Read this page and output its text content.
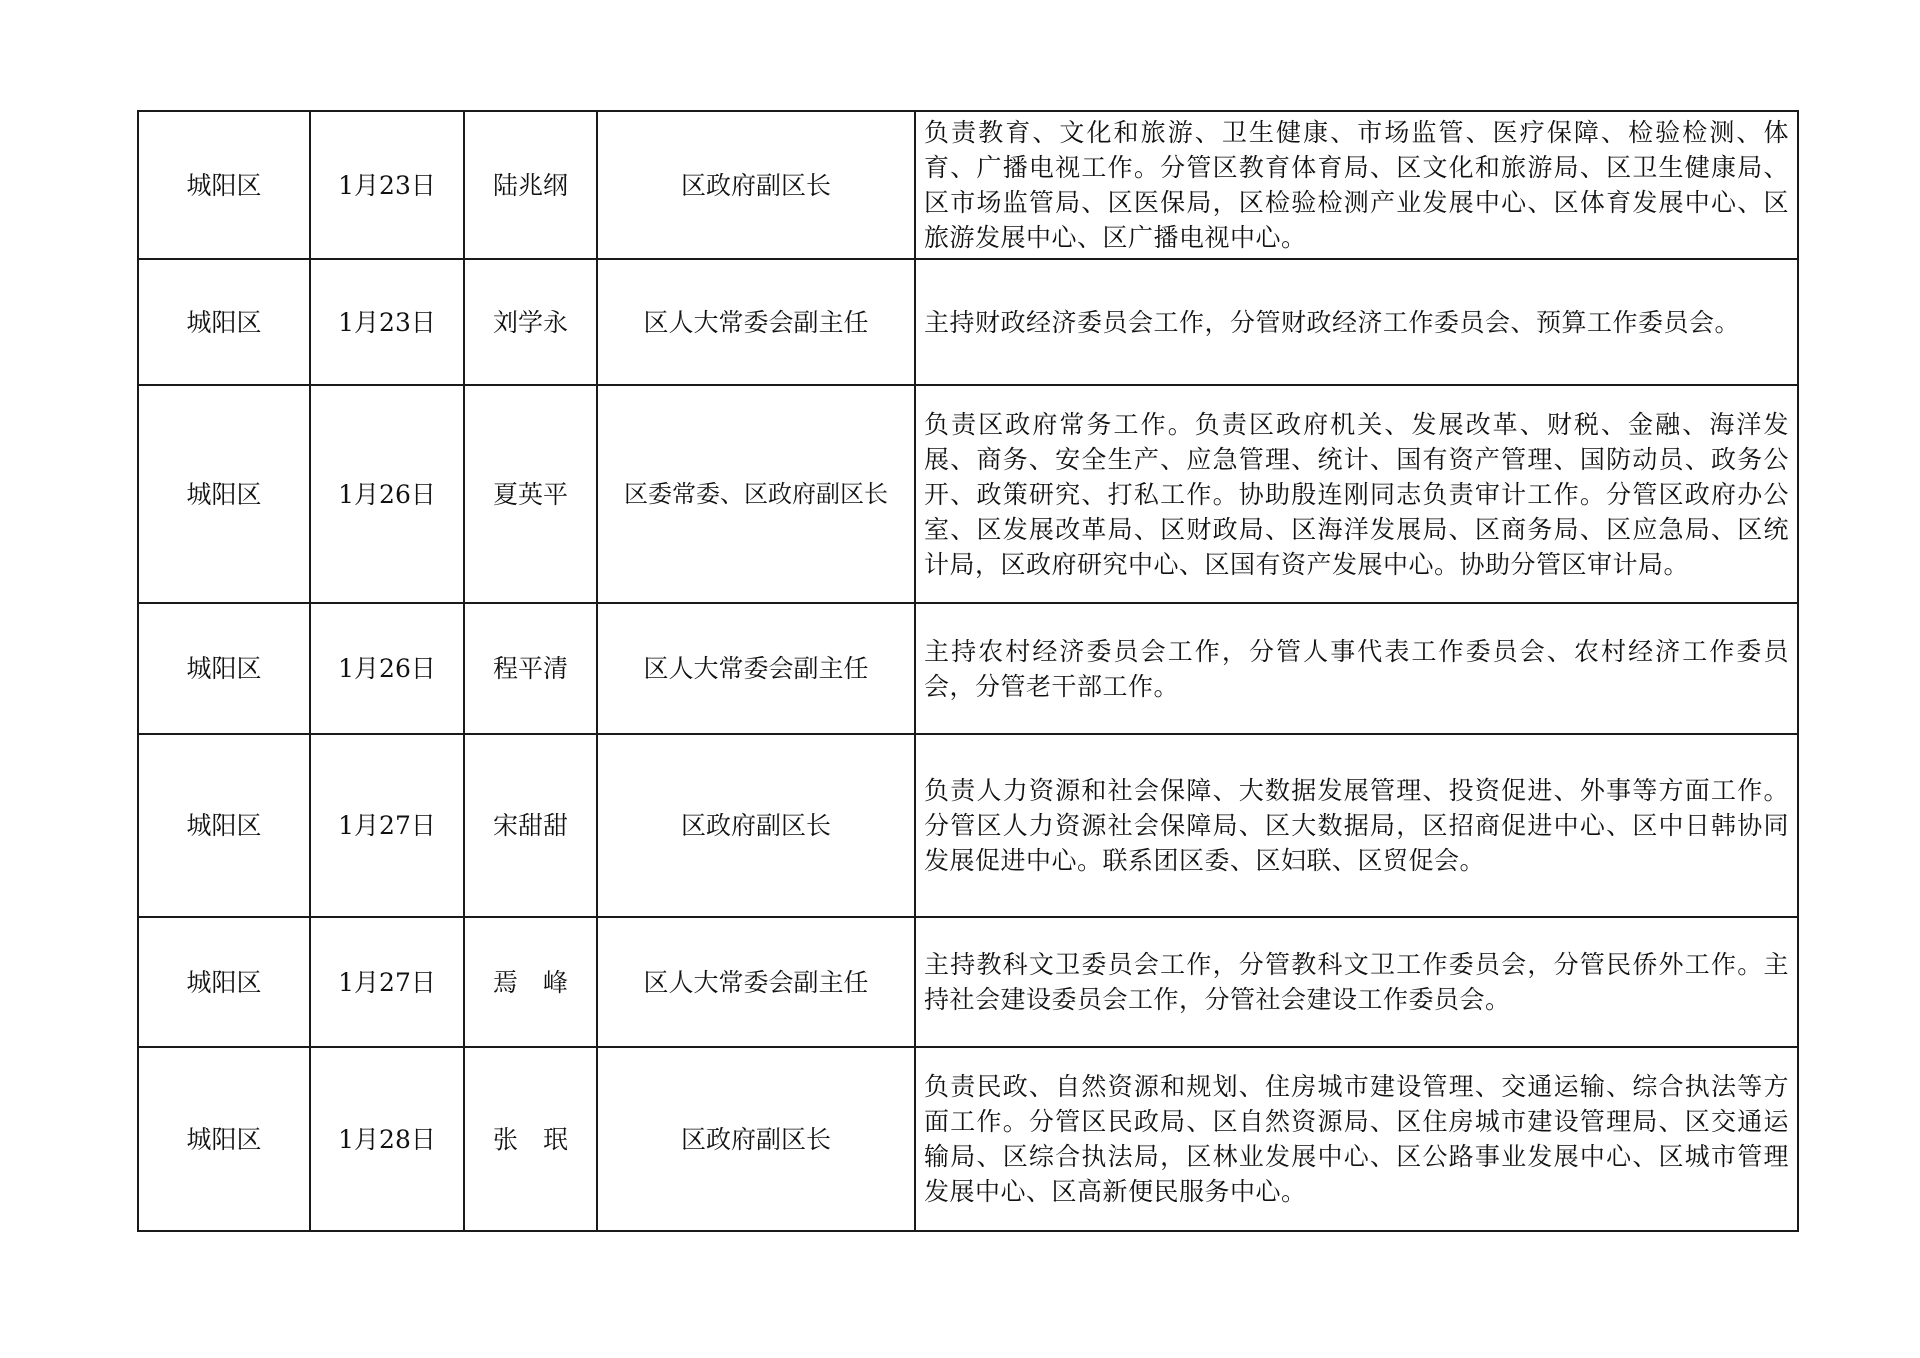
城阳区	1月23日	陆兆纲	区政府副区长	负责教育、文化和旅游、卫生健康、市场监管、医疗保障、检验检测、体育、广播电视工作。分管区教育体育局、区文化和旅游局、区卫生健康局、区市场监管局、区医保局，区检验检测产业发展中心、区体育发展中心、区旅游发展中心、区广播电视中心。
城阳区	1月23日	刘学永	区人大常委会副主任	主持财政经济委员会工作，分管财政经济工作委员会、预算工作委员会。
城阳区	1月26日	夏英平	区委常委、区政府副区长	负责区政府常务工作。负责区政府机关、发展改革、财税、金融、海洋发展、商务、安全生产、应急管理、统计、国有资产管理、国防动员、政务公开、政策研究、打私工作。协助殷连刚同志负责审计工作。分管区政府办公室、区发展改革局、区财政局、区海洋发展局、区商务局、区应急局、区统计局，区政府研究中心、区国有资产发展中心。协助分管区审计局。
城阳区	1月26日	程平清	区人大常委会副主任	主持农村经济委员会工作，分管人事代表工作委员会、农村经济工作委员会，分管老干部工作。
城阳区	1月27日	宋甜甜	区政府副区长	负责人力资源和社会保障、大数据发展管理、投资促进、外事等方面工作。分管区人力资源社会保障局、区大数据局，区招商促进中心、区中日韩协同发展促进中心。联系团区委、区妇联、区贸促会。
城阳区	1月27日	焉　峰	区人大常委会副主任	主持教科文卫委员会工作，分管教科文卫工作委员会，分管民侨外工作。主持社会建设委员会工作，分管社会建设工作委员会。
城阳区	1月28日	张　珉	区政府副区长	负责民政、自然资源和规划、住房城市建设管理、交通运输、综合执法等方面工作。分管区民政局、区自然资源局、区住房城市建设管理局、区交通运输局、区综合执法局，区林业发展中心、区公路事业发展中心、区城市管理发展中心、区高新便民服务中心。
